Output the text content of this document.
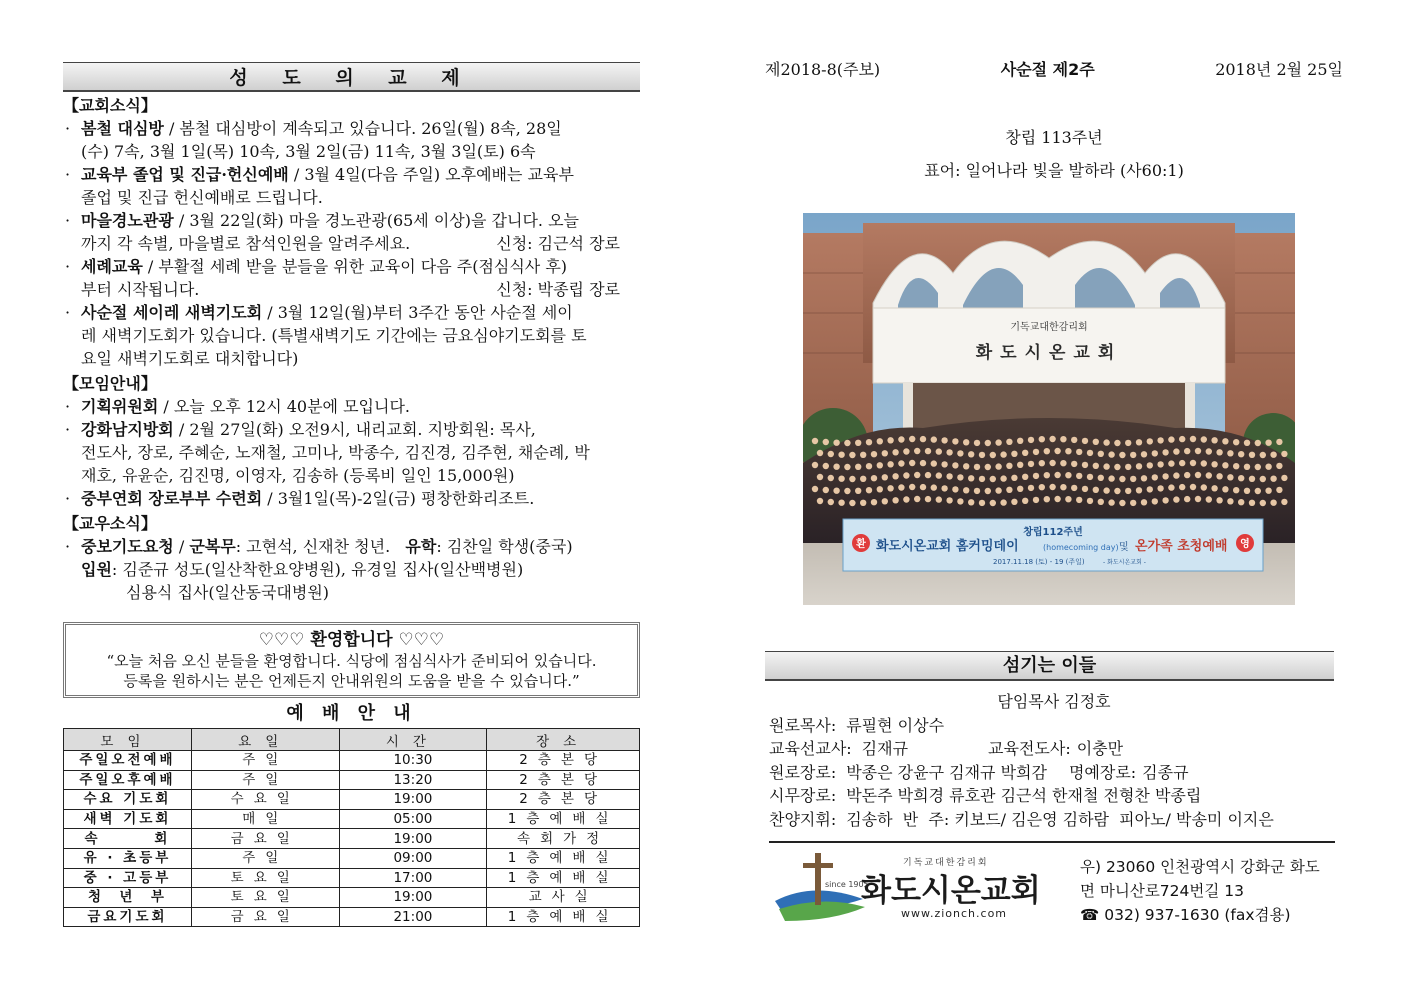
성 도 의 교 제
【교회소식】
· 봄철 대심방 / 봄철 대심방이 계속되고 있습니다. 26일(월) 8속, 28일
(수) 7속, 3월 1일(목) 10속, 3월 2일(금) 11속, 3월 3일(토) 6속
· 교육부 졸업 및 진급·헌신예배 / 3월 4일(다음 주일) 오후예배는 교육부
졸업 및 진급 헌신예배로 드립니다.
· 마을경노관광 / 3월 22일(화) 마을 경노관광(65세 이상)을 갑니다. 오늘
까지 각 속별, 마을별로 참석인원을 알려주세요.	신청: 김근석 장로
· 세례교육 / 부활절 세례 받을 분들을 위한 교육이 다음 주(점심식사 후)
부터 시작됩니다.	신청: 박종립 장로
· 사순절 세이레 새벽기도회 / 3월 12일(월)부터 3주간 동안 사순절 세이
레 새벽기도회가 있습니다. (특별새벽기도 기간에는 금요심야기도회를 토
요일 새벽기도회로 대치합니다)
【모임안내】
· 기획위원회 / 오늘 오후 12시 40분에 모입니다.
· 강화남지방회 / 2월 27일(화) 오전9시, 내리교회. 지방회원: 목사,
전도사, 장로, 주혜순, 노재철, 고미나, 박종수, 김진경, 김주현, 채순례, 박
재호, 유윤순, 김진명, 이영자, 김송하 (등록비 일인 15,000원)
· 중부연회 장로부부 수련회 / 3월1일(목)-2일(금) 평창한화리조트.
【교우소식】
· 중보기도요청 / 군복무: 고현석, 신재찬 청년. 유학: 김찬일 학생(중국)
입원: 김준규 성도(일산착한요양병원), 유경일 집사(일산백병원)
심용식 집사(일산동국대병원)
♡♡♡ 환영합니다 ♡♡♡
“오늘 처음 오신 분들을 환영합니다. 식당에 점심식사가 준비되어 있습니다.
등록을 원하시는 분은 언제든지 안내위원의 도움을 받을 수 있습니다.”
예 배 안 내
모임	요일	시간	장소
주일오전예배	주일	10:30	2층본당
주일오후예배	주일	13:20	2층본당
수요 기도회	수요일	19:00	2층본당
새벽 기도회	매일	05:00	1층예배실
속       회	금요일	19:00	속회가정
유 · 초등부	주일	09:00	1층예배실
중 · 고등부	토요일	17:00	1층예배실
청  년  부	토요일	19:00	교사실
금요기도회	금요일	21:00	1층예배실
제2018-8(주보)	사순절 제2주	2018년 2월 25일
창립 113주년
표어: 일어나라 빛을 발하라 (사60:1)
기독교대한감리회
화도시온교회
창립112주년
환	영
화도시온교회 홈커밍데이	(homecoming day) 및 온가족 초청예배
2017.11.18 (토) - 19 (주일)	- 화도시온교회 -
섬기는 이들
담임목사 김정호
원로목사: 류필현 이상수
교육선교사: 김재규	교육전도사: 이충만
원로장로: 박종은 강윤구 김재규 박희감 명예장로: 김종규
시무장로: 박돈주 박희경 류호관 김근석 한재철 전형찬 박종립
찬양지휘: 김송하  반  주: 키보드/ 김은영 김하람  피아노/ 박송미 이지은
since 1905
기독교대한감리회
화도시온교회
www.zionch.com
우) 23060 인천광역시 강화군 화도
면 마니산로724번길 13
☎ 032) 937-1630 (fax겸용)
